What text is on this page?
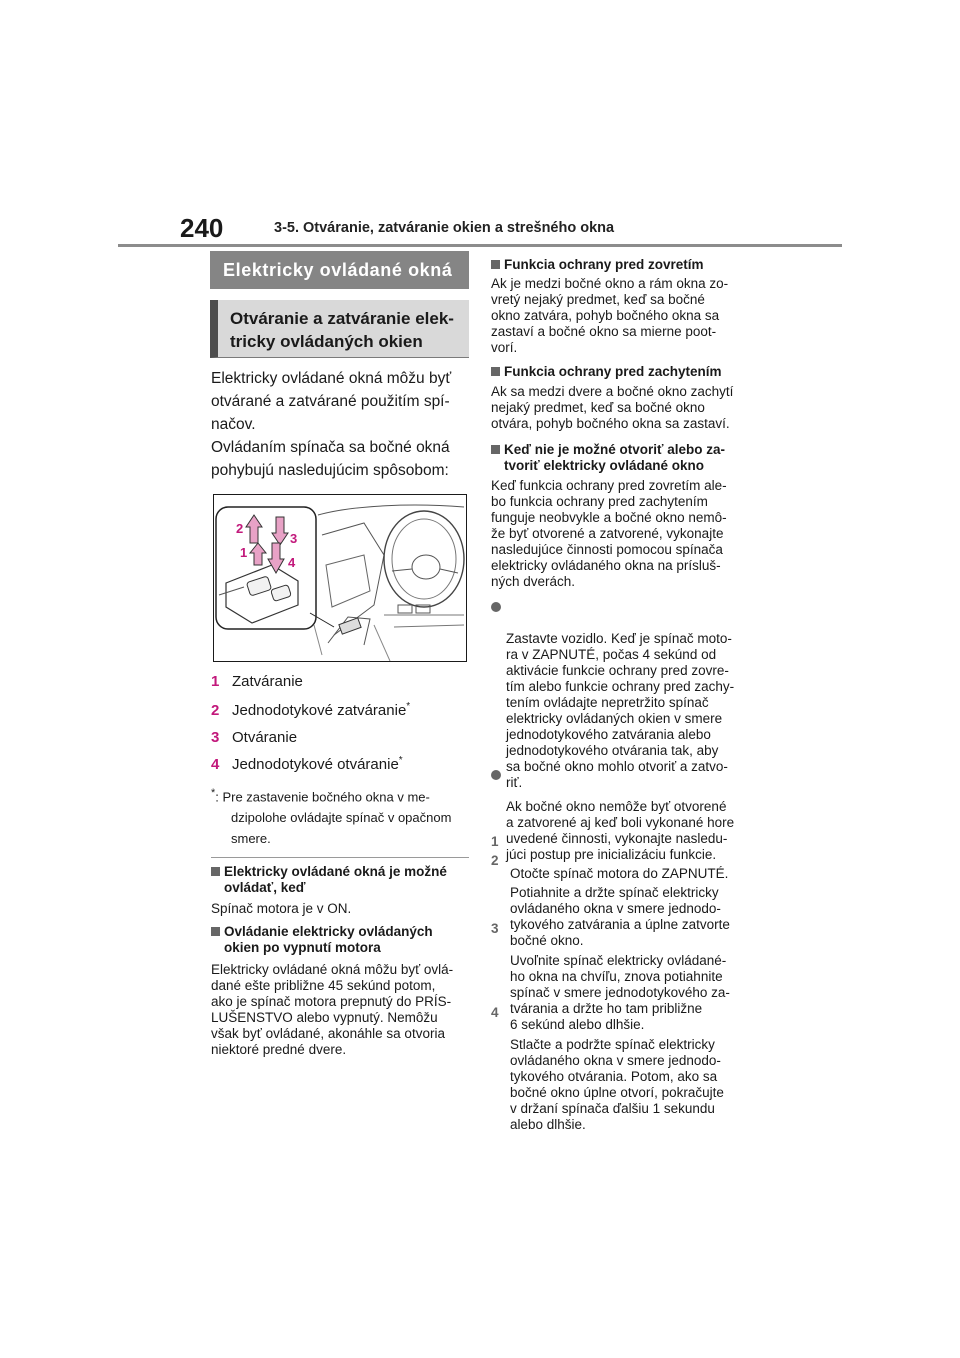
240	3-5. Otváranie, zatváranie okien a strešného okna
Elektricky ovládané okná
Otváranie a zatváranie elek-
tricky ovládaných okien
Elektricky ovládané okná môžu byť otvárané a zatvárané použitím spí-načov.
Ovládaním spínača sa bočné okná pohybujú nasledujúcim spôsobom:
2
1
3
4
1 Zatváranie
2 Jednodotykové zatváranie*
3 Otváranie
4 Jednodotykové otváranie*
*: Pre zastavenie bočného okna v me-
dzipolohe ovládajte spínač v opačnom
smere.
Elektricky ovládané okná je možné ovládať, keď
Spínač motora je v ON.
Ovládanie elektricky ovládaných okien po vypnutí motora
Elektricky ovládané okná môžu byť ovlá-
dané ešte približne 45 sekúnd potom,
ako je spínač motora prepnutý do PRÍS-
LUŠENSTVO alebo vypnutý. Nemôžu
však byť ovládané, akonáhle sa otvoria
niektoré predné dvere.
Funkcia ochrany pred zovretím
Ak je medzi bočné okno a rám okna zo-
vretý nejaký predmet, keď sa bočné
okno zatvára, pohyb bočného okna sa
zastaví a bočné okno sa mierne poot-
vorí.
Funkcia ochrany pred zachytením
Ak sa medzi dvere a bočné okno zachytí
nejaký predmet, keď sa bočné okno
otvára, pohyb bočného okna sa zastaví.
Keď nie je možné otvoriť alebo za-
tvoriť elektricky ovládané okno
Keď funkcia ochrany pred zovretím ale-
bo funkcia ochrany pred zachytením
funguje neobvykle a bočné okno nemô-
že byť otvorené a zatvorené, vykonajte
nasledujúce činnosti pomocou spínača
elektricky ovládaného okna na prísluš-
ných dverách.

Zastavte vozidlo. Keď je spínač moto-
ra v ZAPNUTÉ, počas 4 sekúnd od
aktivácie funkcie ochrany pred zovre-
tím alebo funkcie ochrany pred zachy-
tením ovládajte nepretržito spínač
elektricky ovládaných okien v smere
jednodotykového zatvárania alebo
jednodotykového otvárania tak, aby
sa bočné okno mohlo otvoriť a zatvo-
riť.

Ak bočné okno nemôže byť otvorené
a zatvorené aj keď boli vykonané hore
uvedené činnosti, vykonajte nasledu-
júci postup pre inicializáciu funkcie.

1

Otočte spínač motora do ZAPNUTÉ.

2

Potiahnite a držte spínač elektricky
ovládaného okna v smere jednodo-
tykového zatvárania a úplne zatvorte
bočné okno.

3

Uvoľnite spínač elektricky ovládané-
ho okna na chvíľu, znova potiahnite
spínač v smere jednodotykového za-
tvárania a držte ho tam približne
6 sekúnd alebo dlhšie.

4

Stlačte a podržte spínač elektricky
ovládaného okna v smere jednodo-
tykového otvárania. Potom, ako sa
bočné okno úplne otvorí, pokračujte
v držaní spínača ďalšiu 1 sekundu
alebo dlhšie.
